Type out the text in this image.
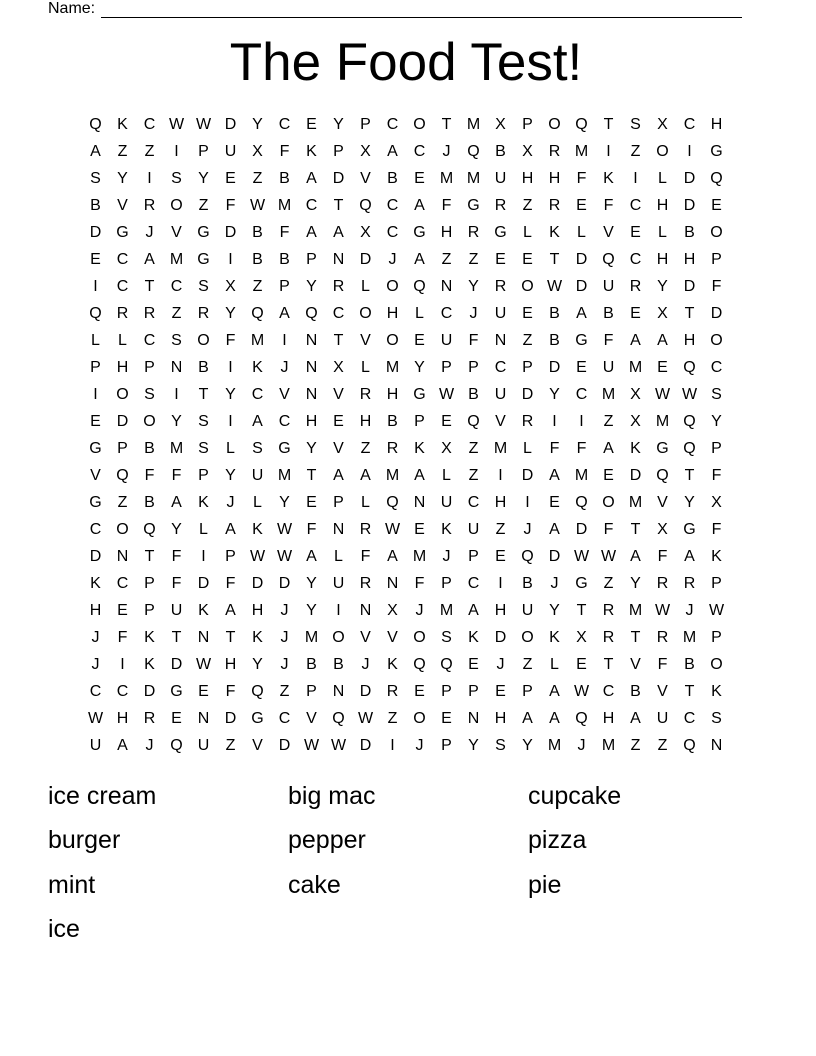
Name:
The Food Test!
Q K C W W D Y C E	Y	P C O T M X	P O Q T	S	X C H
A	Z	Z	I	P U X	F	K	P	X	A C	J	Q B	X R M	I	Z O	I	G
S	Y	I	S	Y	E	Z	B	A D V	B	E M M U H H	F	K	I	L	D Q
B	V R O Z	F W M C	T Q C A	F G R	Z	R E	F	C H D E
D G	J	V G D B	F	A	A	X C G H R G	L	K	L	V	E	L	B O
E C A M G	I	B	B	P N D	J	A	Z	Z	E	E	T	D Q C H H P
I	C	T	C S	X	Z	P	Y R	L	O Q N Y R O W D U R Y D	F
Q R R	Z	R Y Q A Q C O H	L	C	J	U E	B	A	B	E	X	T	D
L	L	C S O F M	I	N	T	V O E U	F	N	Z	B G F	A	A H O
P H P N B	I	K	J	N X	L M Y	P	P C P D E U M E Q C
I	O S	I	T	Y C V N V R H G W B U D Y C M X W W S
E D O Y	S	I	A C H E H B	P	E Q V R	I	I	Z	X M Q Y
G P	B M S	L	S G Y	V	Z	R K	X	Z M L	F	F	A	K G Q P
V Q F	F	P	Y U M T	A	A M A	L	Z	I	D A M E D Q T	F
G Z	B	A	K	J	L	Y	E	P	L	Q N U C H	I	E Q O M V	Y	X
C O Q Y	L	A	K W F	N R W E	K U	Z	J	A D	F	T	X G F
D N	T	F	I	P W W A	L	F	A M	J	P	E Q D W W A	F	A	K
K C P	F	D	F	D D Y U R N	F	P C	I	B	J	G Z	Y R R P
H E	P U K	A H	J	Y	I	N X	J	M A H U Y	T	R M W J W
J	F	K	T	N	T	K	J	M O V	V O S	K D O K	X R	T	R M P
J	I	K D W H Y	J	B	B	J	K Q Q E	J	Z	L	E	T	V	F	B O
C C D G E	F Q Z	P N D R E	P	P	E	P	A W C B	V	T	K
W H R E N D G C V Q W Z O E N H A	A Q H A U C S
U A	J	Q U	Z	V D W W D	I	J	P	Y	S	Y M	J	M Z	Z Q N
ice cream	big mac	cupcake
burger	pepper	pizza
mint	cake	pie
ice
